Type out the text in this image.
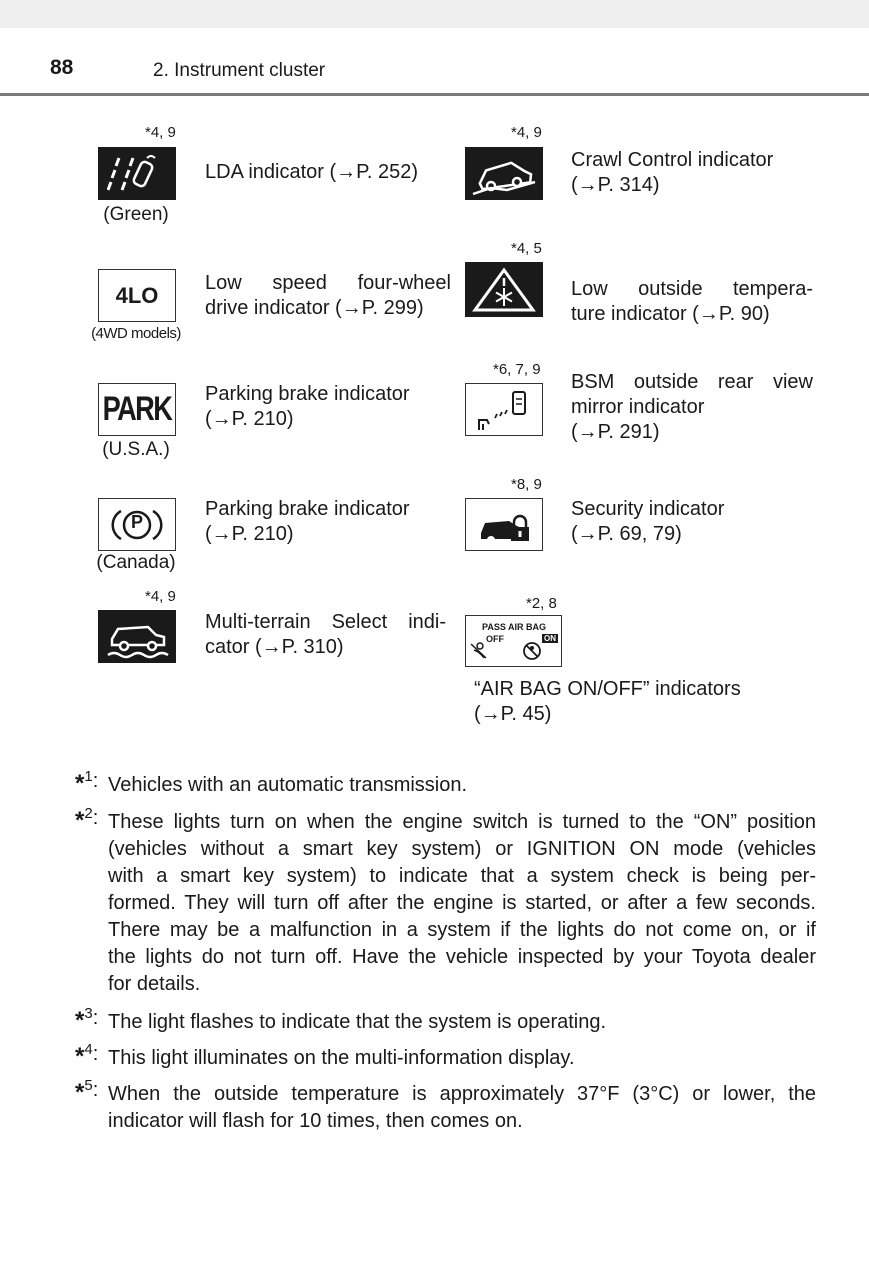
88	2. Instrument cluster
*4, 9
(Green)
LDA indicator (→P. 252)
4LO
(4WD models)
Low speed four-wheel
drive indicator (→P. 299)
PARK
(U.S.A.)
Parking brake indicator
(→P. 210)
P
(Canada)
Parking brake indicator
(→P. 210)
*4, 9
Multi-terrain Select indi-
cator (→P. 310)
*4, 9
Crawl Control indicator
(→P. 314)
*4, 5
Low outside tempera-
ture indicator (→P. 90)
*6, 7, 9
BSM outside rear view
mirror indicator
(→P. 291)
*8, 9
Security indicator
(→P. 69, 79)
*2, 8
PASS AIR BAG
OFF	ON
“AIR BAG ON/OFF” indicators
(→P. 45)
*$^1$: Vehicles with an automatic transmission.
*$^2$: These lights turn on when the engine switch is turned to the “ON” position
(vehicles without a smart key system) or IGNITION ON mode (vehicles
with a smart key system) to indicate that a system check is being per-
formed. They will turn off after the engine is started, or after a few seconds.
There may be a malfunction in a system if the lights do not come on, or if
the lights do not turn off. Have the vehicle inspected by your Toyota dealer
for details.
*$^3$: The light flashes to indicate that the system is operating.
*$^4$: This light illuminates on the multi-information display.
*$^5$: When the outside temperature is approximately 37°F (3°C) or lower, the
indicator will flash for 10 times, then comes on.
